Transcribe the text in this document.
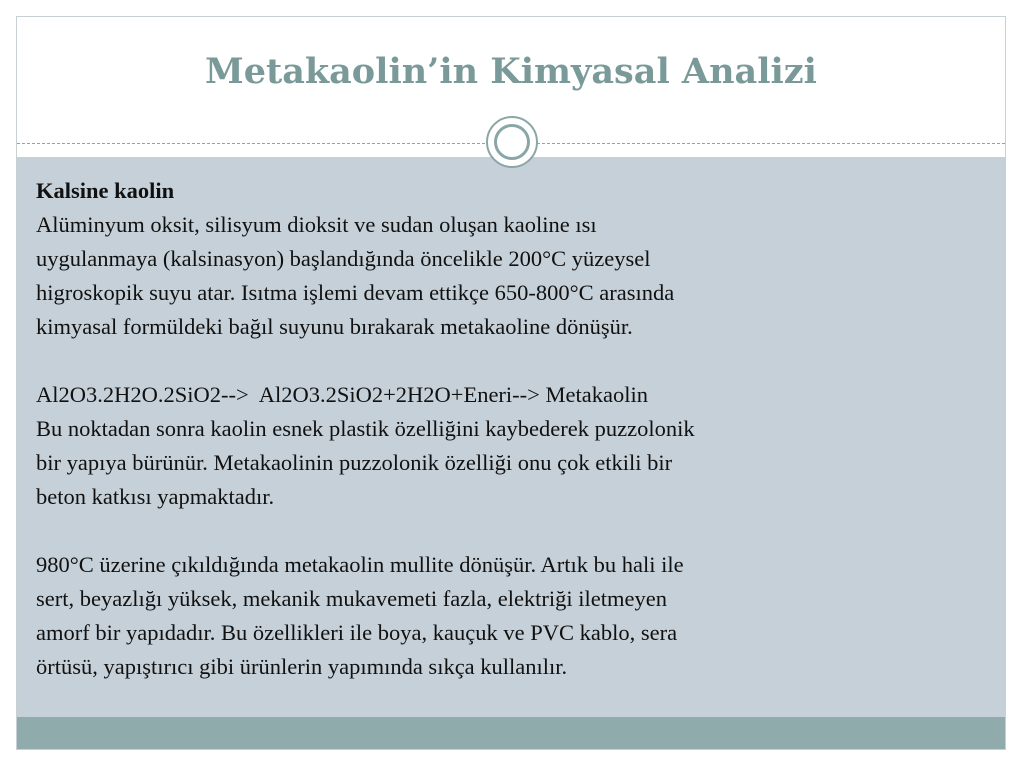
Metakaolin’in Kimyasal Analizi

Kalsine kaolin

Alüminyum oksit, silisyum dioksit ve sudan oluşan kaoline ısı

uygulanmaya (kalsinasyon) başlandığında öncelikle 200°C yüzeysel

higroskopik suyu atar. Isıtma işlemi devam ettikçe 650-800°C arasında

kimyasal formüldeki bağıl suyunu bırakarak metakaoline dönüşür.

Al2O3.2H2O.2SiO2-->  Al2O3.2SiO2+2H2O+Eneri--> Metakaolin

Bu noktadan sonra kaolin esnek plastik özelliğini kaybederek puzzolonik

bir yapıya bürünür. Metakaolinin puzzolonik özelliği onu çok etkili bir

beton katkısı yapmaktadır.

980°C üzerine çıkıldığında metakaolin mullite dönüşür. Artık bu hali ile

sert, beyazlığı yüksek, mekanik mukavemeti fazla, elektriği iletmeyen

amorf bir yapıdadır. Bu özellikleri ile boya, kauçuk ve PVC kablo, sera

örtüsü, yapıştırıcı gibi ürünlerin yapımında sıkça kullanılır.
